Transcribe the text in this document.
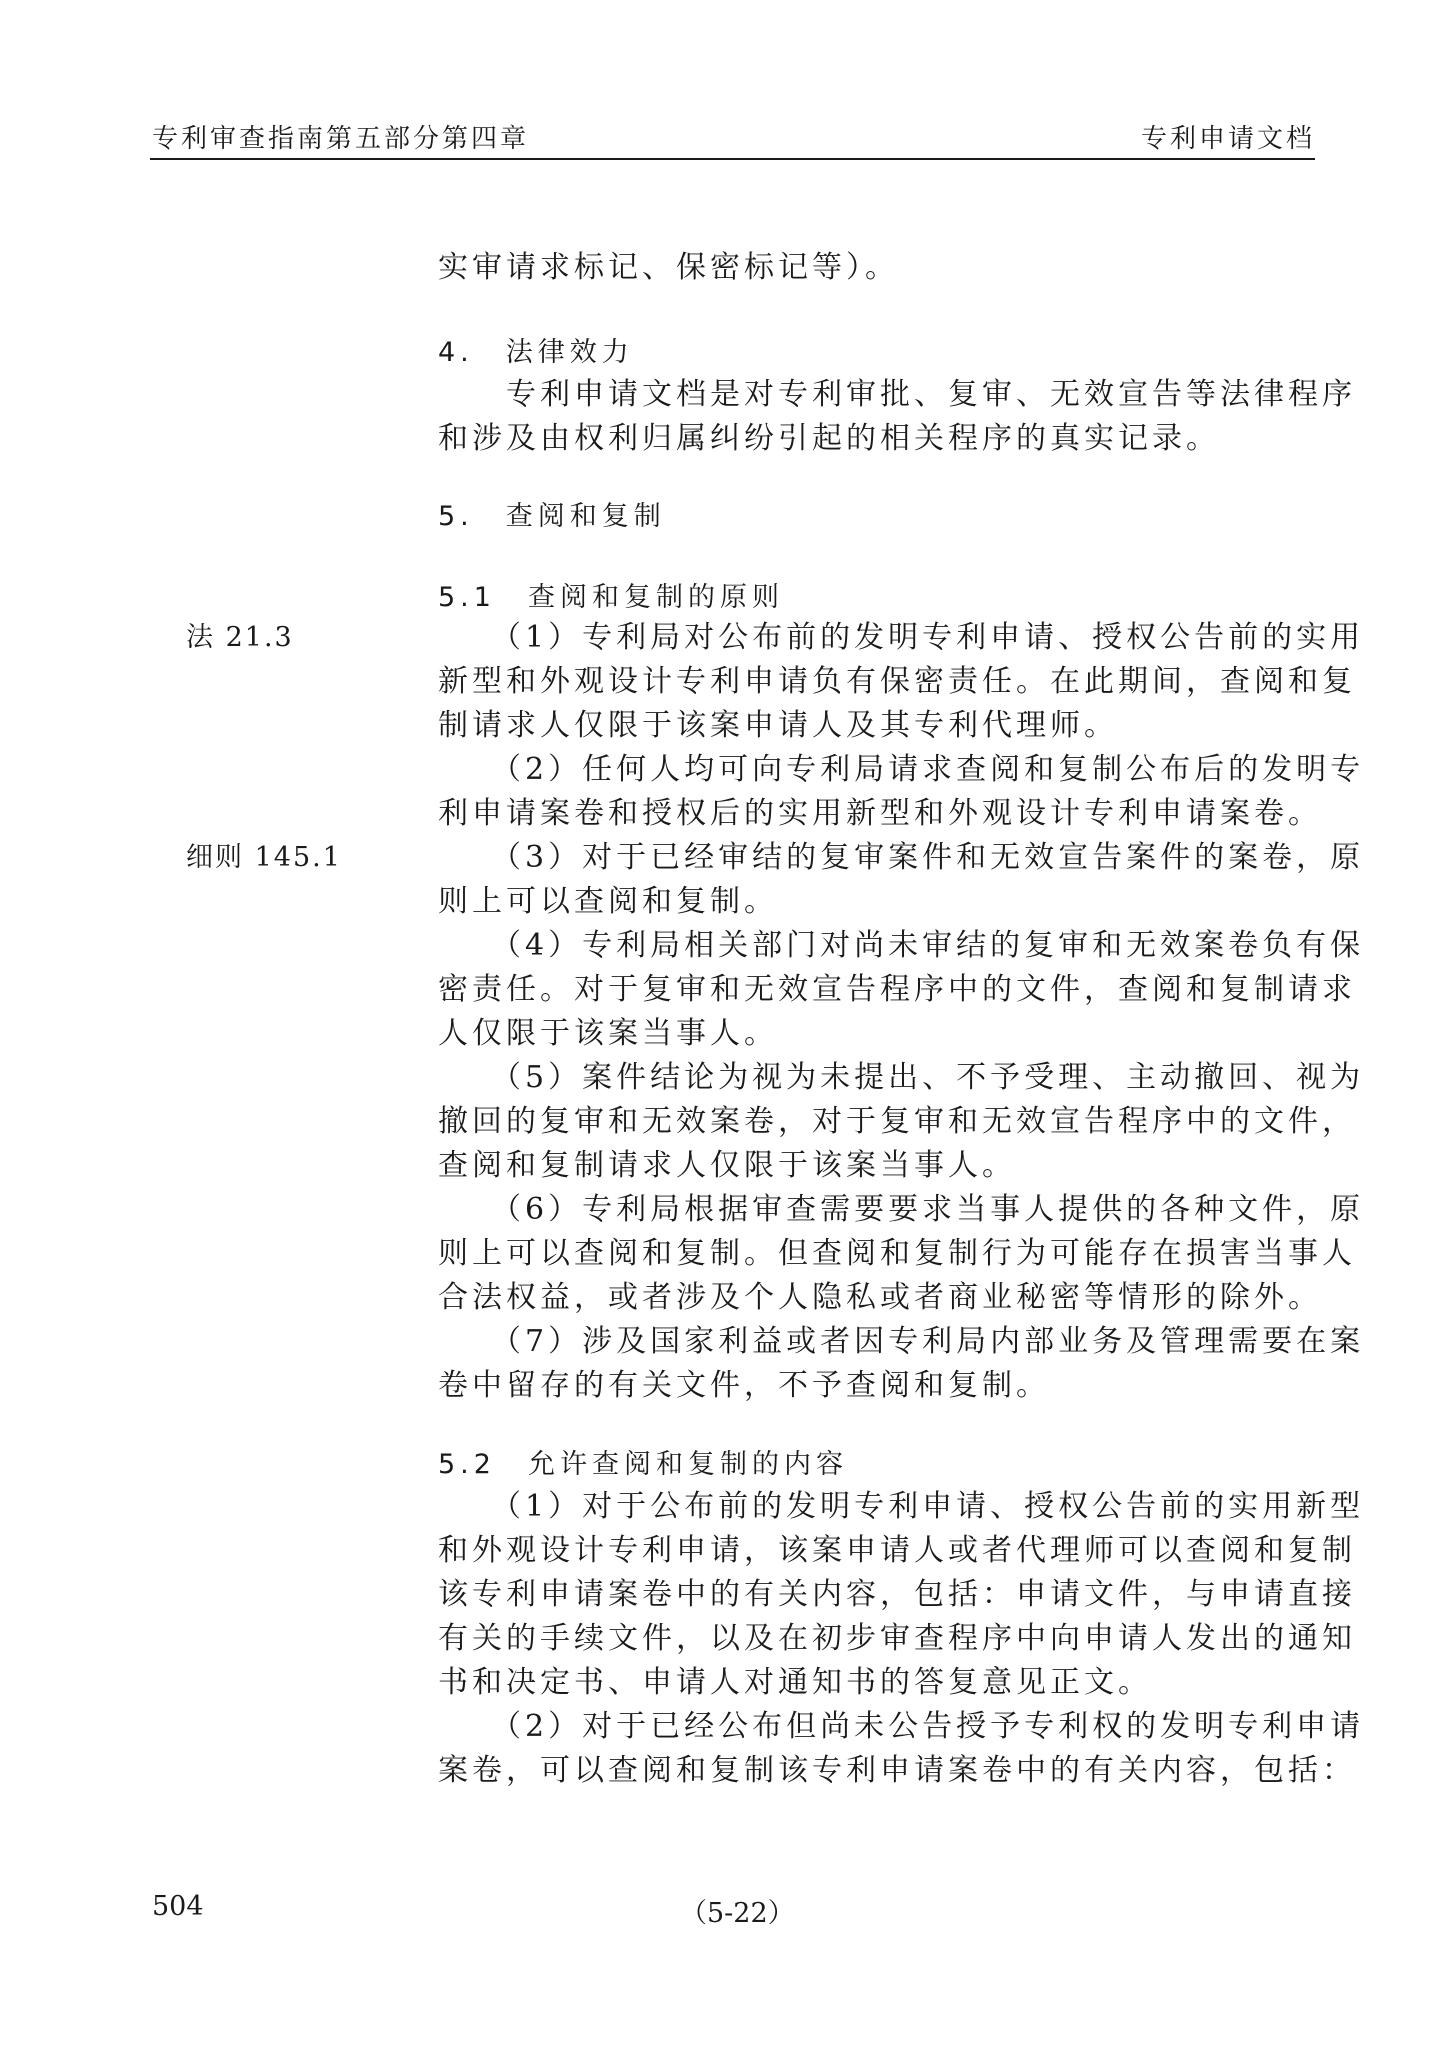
专利审查指南第五部分第四章	专利申请文档
法 21.3
细则 145.1
实审请求标记、保密标记等）。
4.　法律效力
　　专利申请文档是对专利审批、复审、无效宣告等法律程序
和涉及由权利归属纠纷引起的相关程序的真实记录。
5.　查阅和复制
5.1　查阅和复制的原则
　　（1）专利局对公布前的发明专利申请、授权公告前的实用
新型和外观设计专利申请负有保密责任。在此期间，查阅和复
制请求人仅限于该案申请人及其专利代理师。
　　（2）任何人均可向专利局请求查阅和复制公布后的发明专
利申请案卷和授权后的实用新型和外观设计专利申请案卷。
　　（3）对于已经审结的复审案件和无效宣告案件的案卷，原
则上可以查阅和复制。
　　（4）专利局相关部门对尚未审结的复审和无效案卷负有保
密责任。对于复审和无效宣告程序中的文件，查阅和复制请求
人仅限于该案当事人。
　　（5）案件结论为视为未提出、不予受理、主动撤回、视为
撤回的复审和无效案卷，对于复审和无效宣告程序中的文件，
查阅和复制请求人仅限于该案当事人。
　　（6）专利局根据审查需要要求当事人提供的各种文件，原
则上可以查阅和复制。但查阅和复制行为可能存在损害当事人
合法权益，或者涉及个人隐私或者商业秘密等情形的除外。
　　（7）涉及国家利益或者因专利局内部业务及管理需要在案
卷中留存的有关文件，不予查阅和复制。
5.2　允许查阅和复制的内容
　　（1）对于公布前的发明专利申请、授权公告前的实用新型
和外观设计专利申请，该案申请人或者代理师可以查阅和复制
该专利申请案卷中的有关内容，包括：申请文件，与申请直接
有关的手续文件，以及在初步审查程序中向申请人发出的通知
书和决定书、申请人对通知书的答复意见正文。
　　（2）对于已经公布但尚未公告授予专利权的发明专利申请
案卷，可以查阅和复制该专利申请案卷中的有关内容，包括：
504	（5-22）
